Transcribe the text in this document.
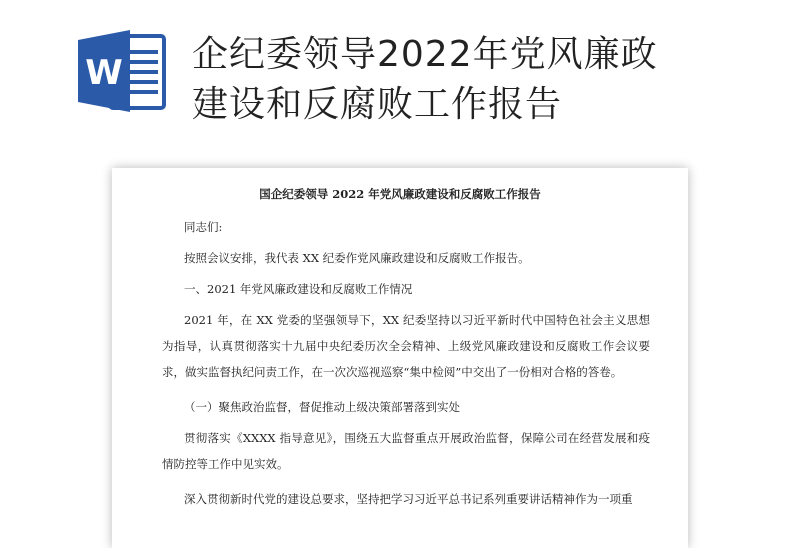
W 企纪委领导2022年党风廉政
建设和反腐败工作报告
国企纪委领导 2022 年党风廉政建设和反腐败工作报告
同志们:
按照会议安排，我代表 XX 纪委作党风廉政建设和反腐败工作报告。
一、2021 年党风廉政建设和反腐败工作情况
2021 年，在 XX 党委的坚强领导下，XX 纪委坚持以习近平新时代中国特色社会主义思想为指导，认真贯彻落实十九届中央纪委历次全会精神、上级党风廉政建设和反腐败工作会议要求，做实监督执纪问责工作，在一次次巡视巡察“集中检阅”中交出了一份相对合格的答卷。
（一）聚焦政治监督，督促推动上级决策部署落到实处
贯彻落实《XXXX 指导意见》，围绕五大监督重点开展政治监督，保障公司在经营发展和疫情防控等工作中见实效。
深入贯彻新时代党的建设总要求，坚持把学习习近平总书记系列重要讲话精神作为一项重
